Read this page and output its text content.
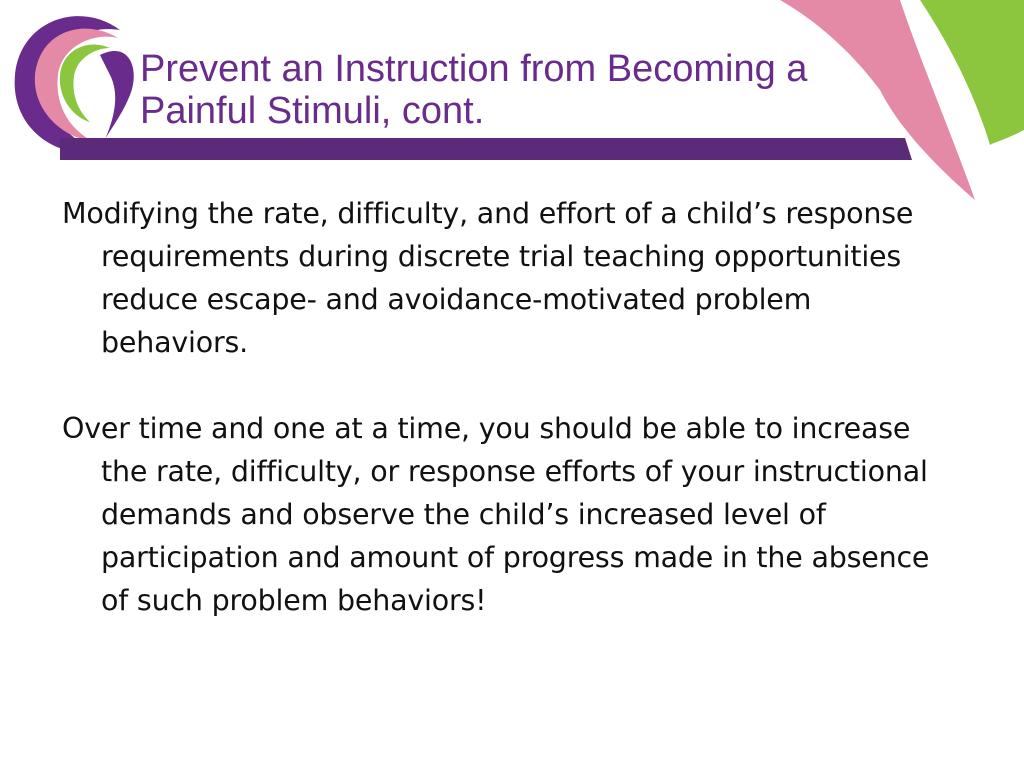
Prevent an Instruction from Becoming a
Painful Stimuli, cont.

Modifying the rate, difficulty, and effort of a child’s response requirements during discrete trial teaching opportunities reduce escape- and avoidance-motivated problem behaviors.

Over time and one at a time, you should be able to increase the rate, difficulty, or response efforts of your instructional demands and observe the child’s increased level of participation and amount of progress made in the absence of such problem behaviors!
